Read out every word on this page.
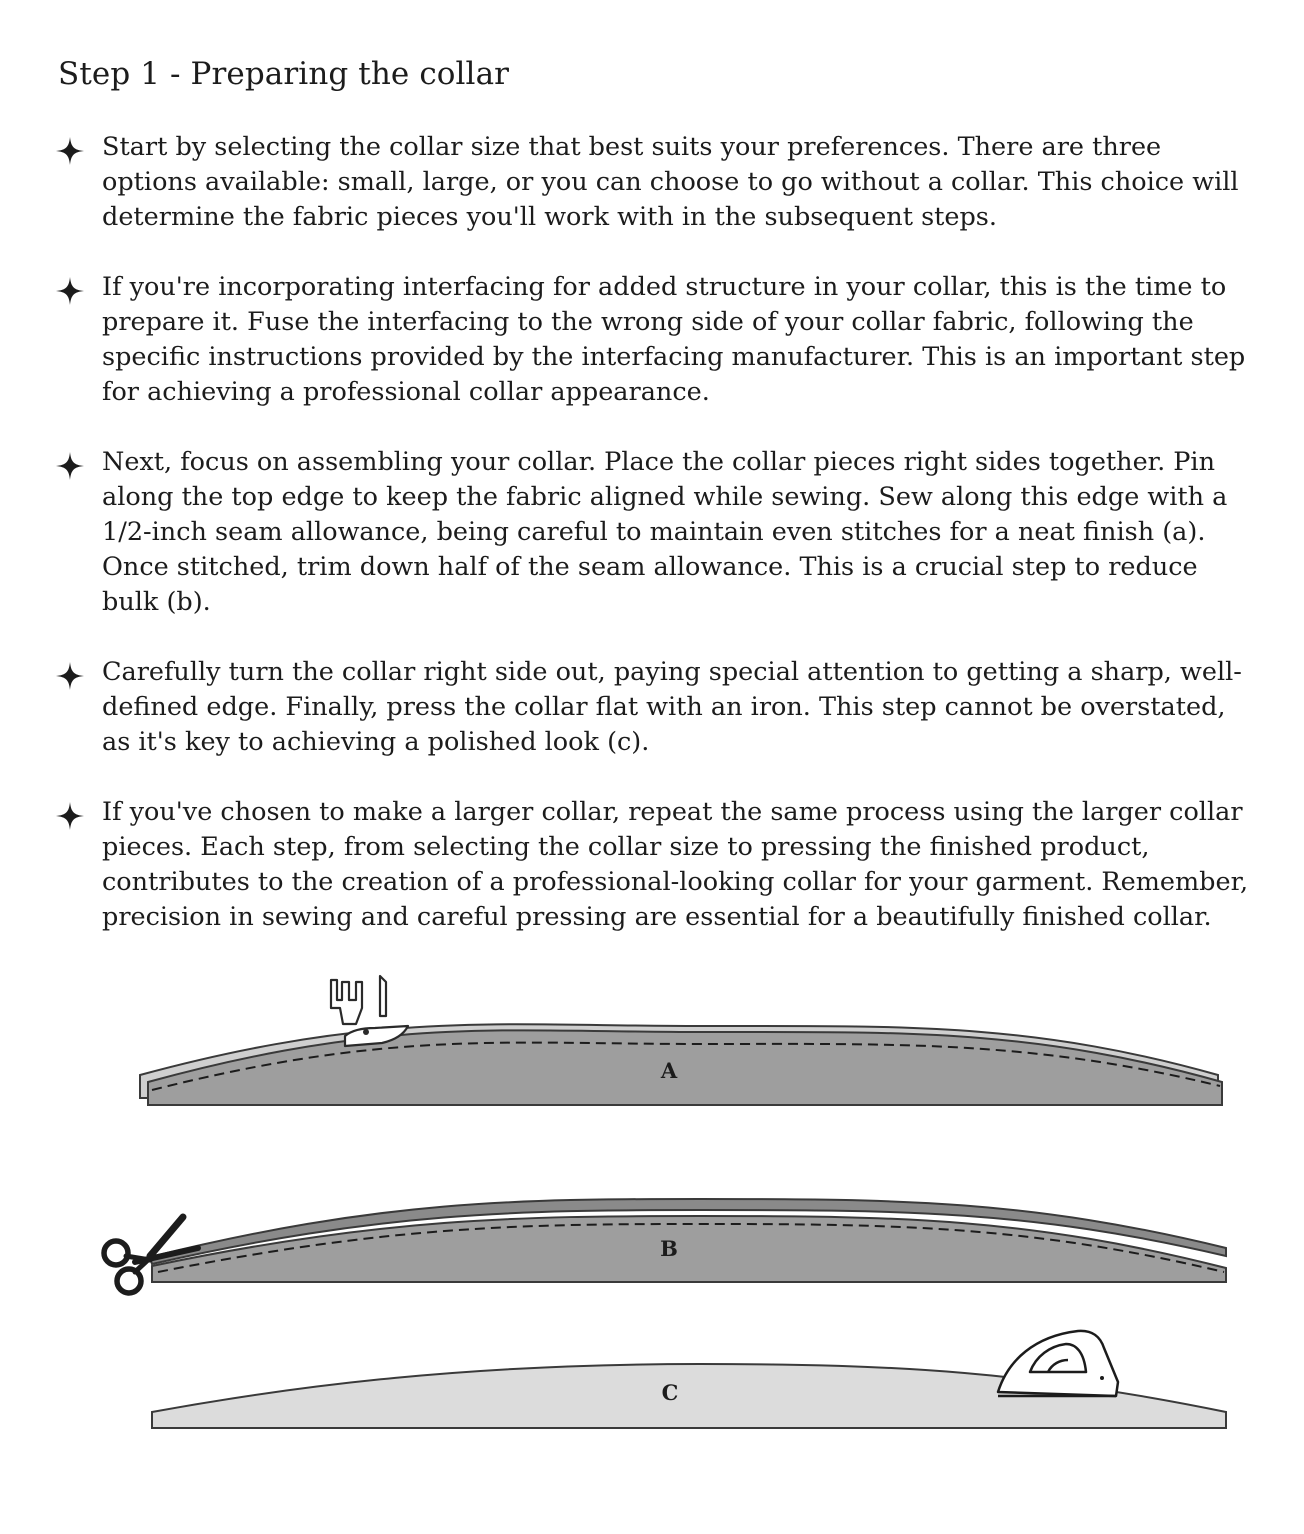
Step 1 - Preparing the collar
Start by selecting the collar size that best suits your preferences. There are three options available: small, large, or you can choose to go without a collar. This choice will determine the fabric pieces you'll work with in the subsequent steps.
If you're incorporating interfacing for added structure in your collar, this is the time to prepare it. Fuse the interfacing to the wrong side of your collar fabric, following the specific instructions provided by the interfacing manufacturer. This is an important step for achieving a professional collar appearance.
Next, focus on assembling your collar. Place the collar pieces right sides together. Pin along the top edge to keep the fabric aligned while sewing. Sew along this edge with a 1/2-inch seam allowance, being careful to maintain even stitches for a neat finish (a). Once stitched, trim down half of the seam allowance. This is a crucial step to reduce bulk (b).
Carefully turn the collar right side out, paying special attention to getting a sharp, well-defined edge. Finally, press the collar flat with an iron. This step cannot be overstated, as it's key to achieving a polished look (c).
If you've chosen to make a larger collar, repeat the same process using the larger collar pieces. Each step, from selecting the collar size to pressing the finished product, contributes to the creation of a professional-looking collar for your garment. Remember, precision in sewing and careful pressing are essential for a beautifully finished collar.
A
B
C
